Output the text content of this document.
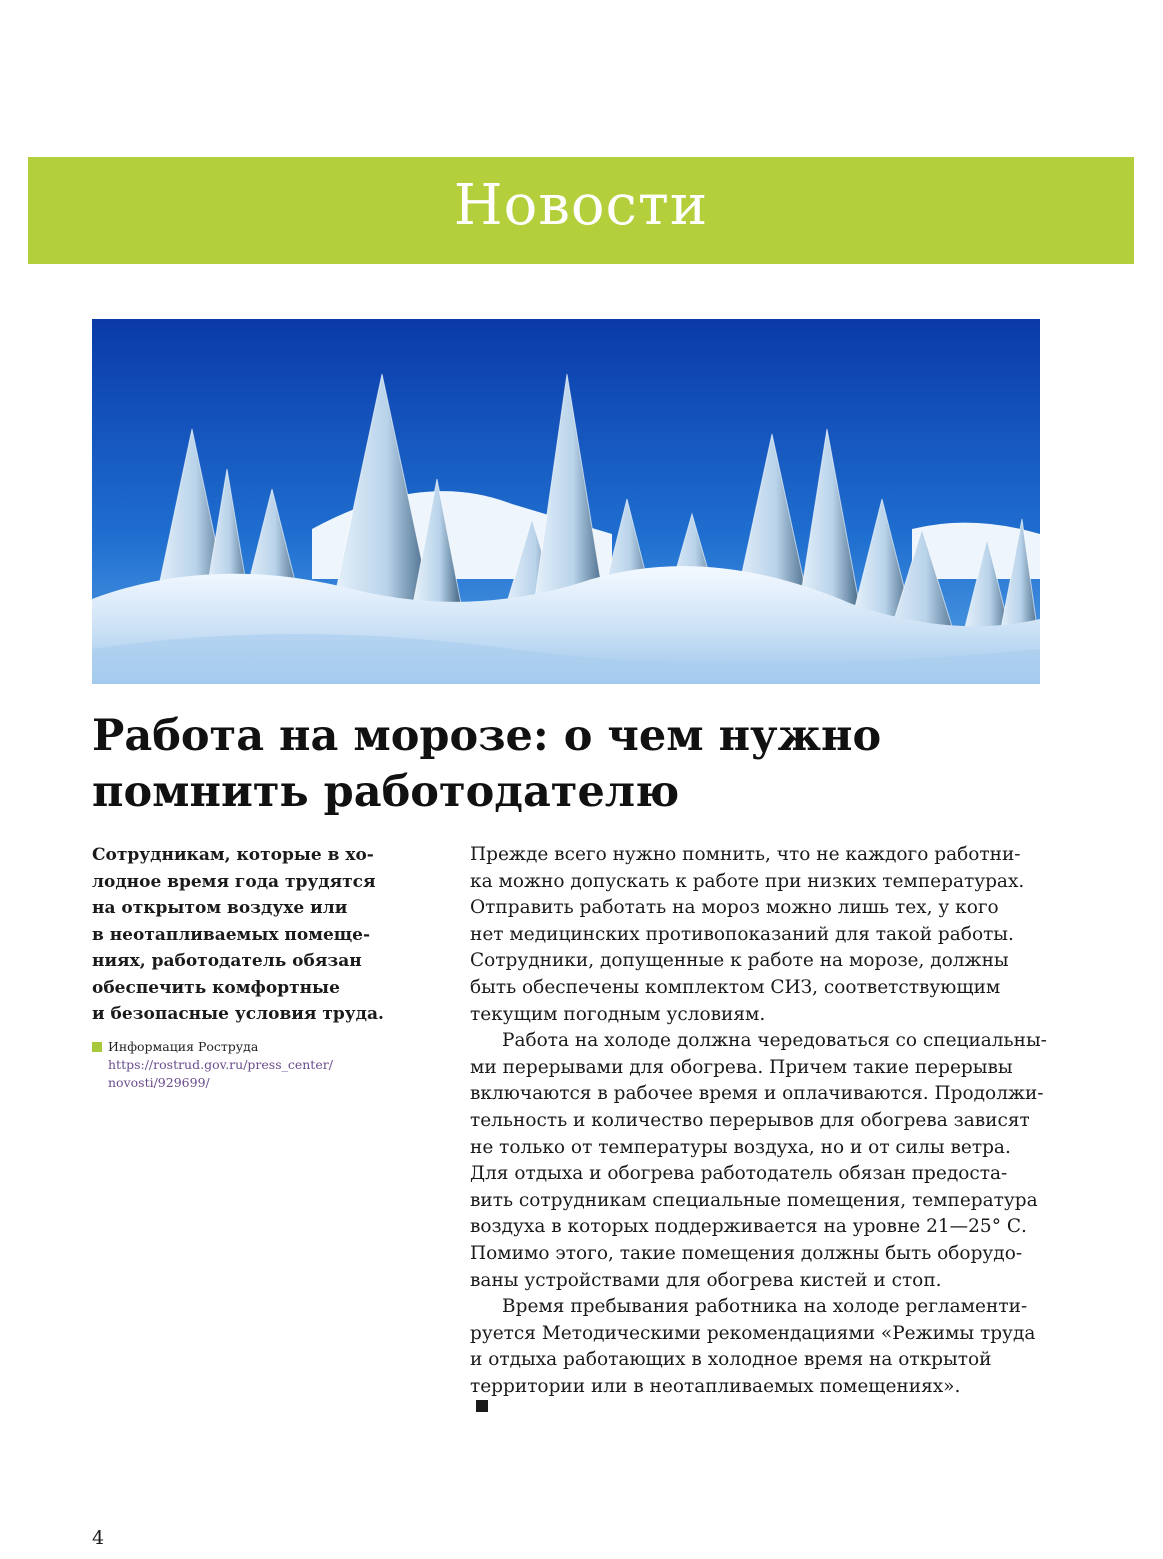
Новости
Работа на морозе: о чем нужно
помнить работодателю
Сотрудникам, которые в хо-
лодное время года трудятся
на открытом воздухе или
в неотапливаемых помеще-
ниях, работодатель обязан
обеспечить комфортные
и безопасные условия труда.
Информация Роструда
https://rostrud.gov.ru/press_center/
novosti/929699/
Прежде всего нужно помнить, что не каждого работни-
ка можно допускать к работе при низких температурах.
Отправить работать на мороз можно лишь тех, у кого
нет медицинских противопоказаний для такой работы.
Сотрудники, допущенные к работе на морозе, должны
быть обеспечены комплектом СИЗ, соответствующим
текущим погодным условиям.
Работа на холоде должна чередоваться со специальны-
ми перерывами для обогрева. Причем такие перерывы
включаются в рабочее время и оплачиваются. Продолжи-
тельность и количество перерывов для обогрева зависят
не только от температуры воздуха, но и от силы ветра.
Для отдыха и обогрева работодатель обязан предоста-
вить сотрудникам специальные помещения, температура
воздуха в которых поддерживается на уровне 21—25° С.
Помимо этого, такие помещения должны быть оборудо-
ваны устройствами для обогрева кистей и стоп.
Время пребывания работника на холоде регламенти-
руется Методическими рекомендациями «Режимы труда
и отдыха работающих в холодное время на открытой
территории или в неотапливаемых помещениях».
4
